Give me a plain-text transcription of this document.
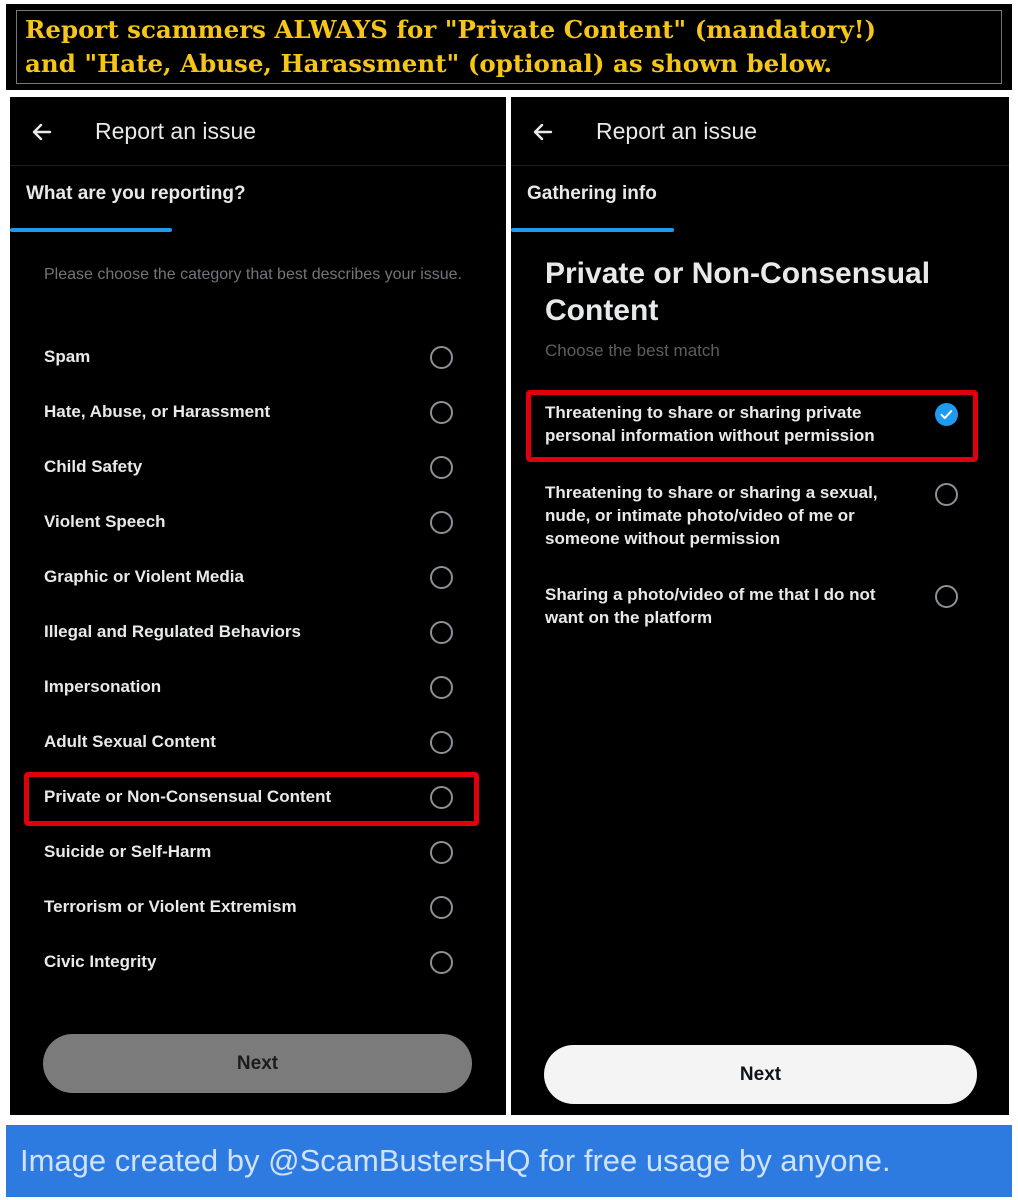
Report scammers ALWAYS for "Private Content" (mandatory!)
and "Hate, Abuse, Harassment" (optional) as shown below.
Report an issue
What are you reporting?
Please choose the category that best describes your issue.
Spam
Hate, Abuse, or Harassment
Child Safety
Violent Speech
Graphic or Violent Media
Illegal and Regulated Behaviors
Impersonation
Adult Sexual Content
Private or Non-Consensual Content
Suicide or Self-Harm
Terrorism or Violent Extremism
Civic Integrity
Next
Report an issue
Gathering info
Private or Non-Consensual Content
Choose the best match
Threatening to share or sharing private personal information without permission
Threatening to share or sharing a sexual, nude, or intimate photo/video of me or someone without permission
Sharing a photo/video of me that I do not want on the platform
Next
Image created by @ScamBustersHQ for free usage by anyone.
